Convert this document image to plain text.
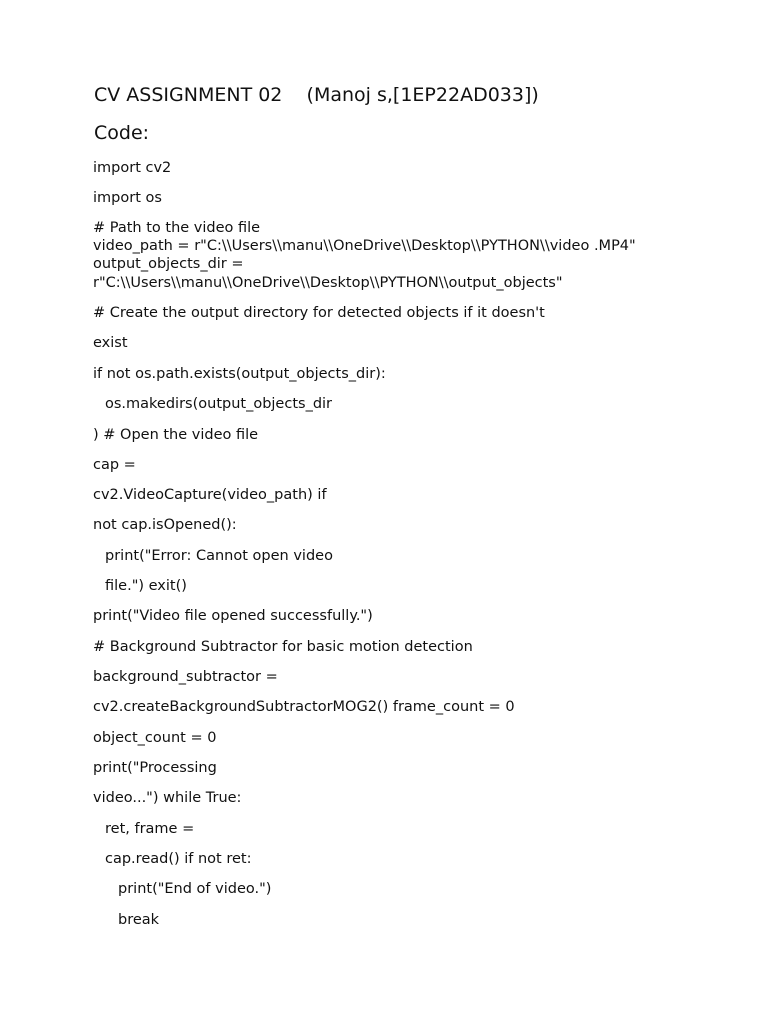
CV ASSIGNMENT 02    (Manoj s,[1EP22AD033])
Code:
import cv2
import os
# Path to the video file
video_path = r"C:\\Users\\manu\\OneDrive\\Desktop\\PYTHON\\video .MP4"
output_objects_dir =
r"C:\\Users\\manu\\OneDrive\\Desktop\\PYTHON\\output_objects"
# Create the output directory for detected objects if it doesn't
exist
if not os.path.exists(output_objects_dir):
os.makedirs(output_objects_dir
) # Open the video file
cap =
cv2.VideoCapture(video_path) if
not cap.isOpened():
print("Error: Cannot open video
file.") exit()
print("Video file opened successfully.")
# Background Subtractor for basic motion detection
background_subtractor =
cv2.createBackgroundSubtractorMOG2() frame_count = 0
object_count = 0
print("Processing
video...") while True:
ret, frame =
cap.read() if not ret:
print("End of video.")
break
